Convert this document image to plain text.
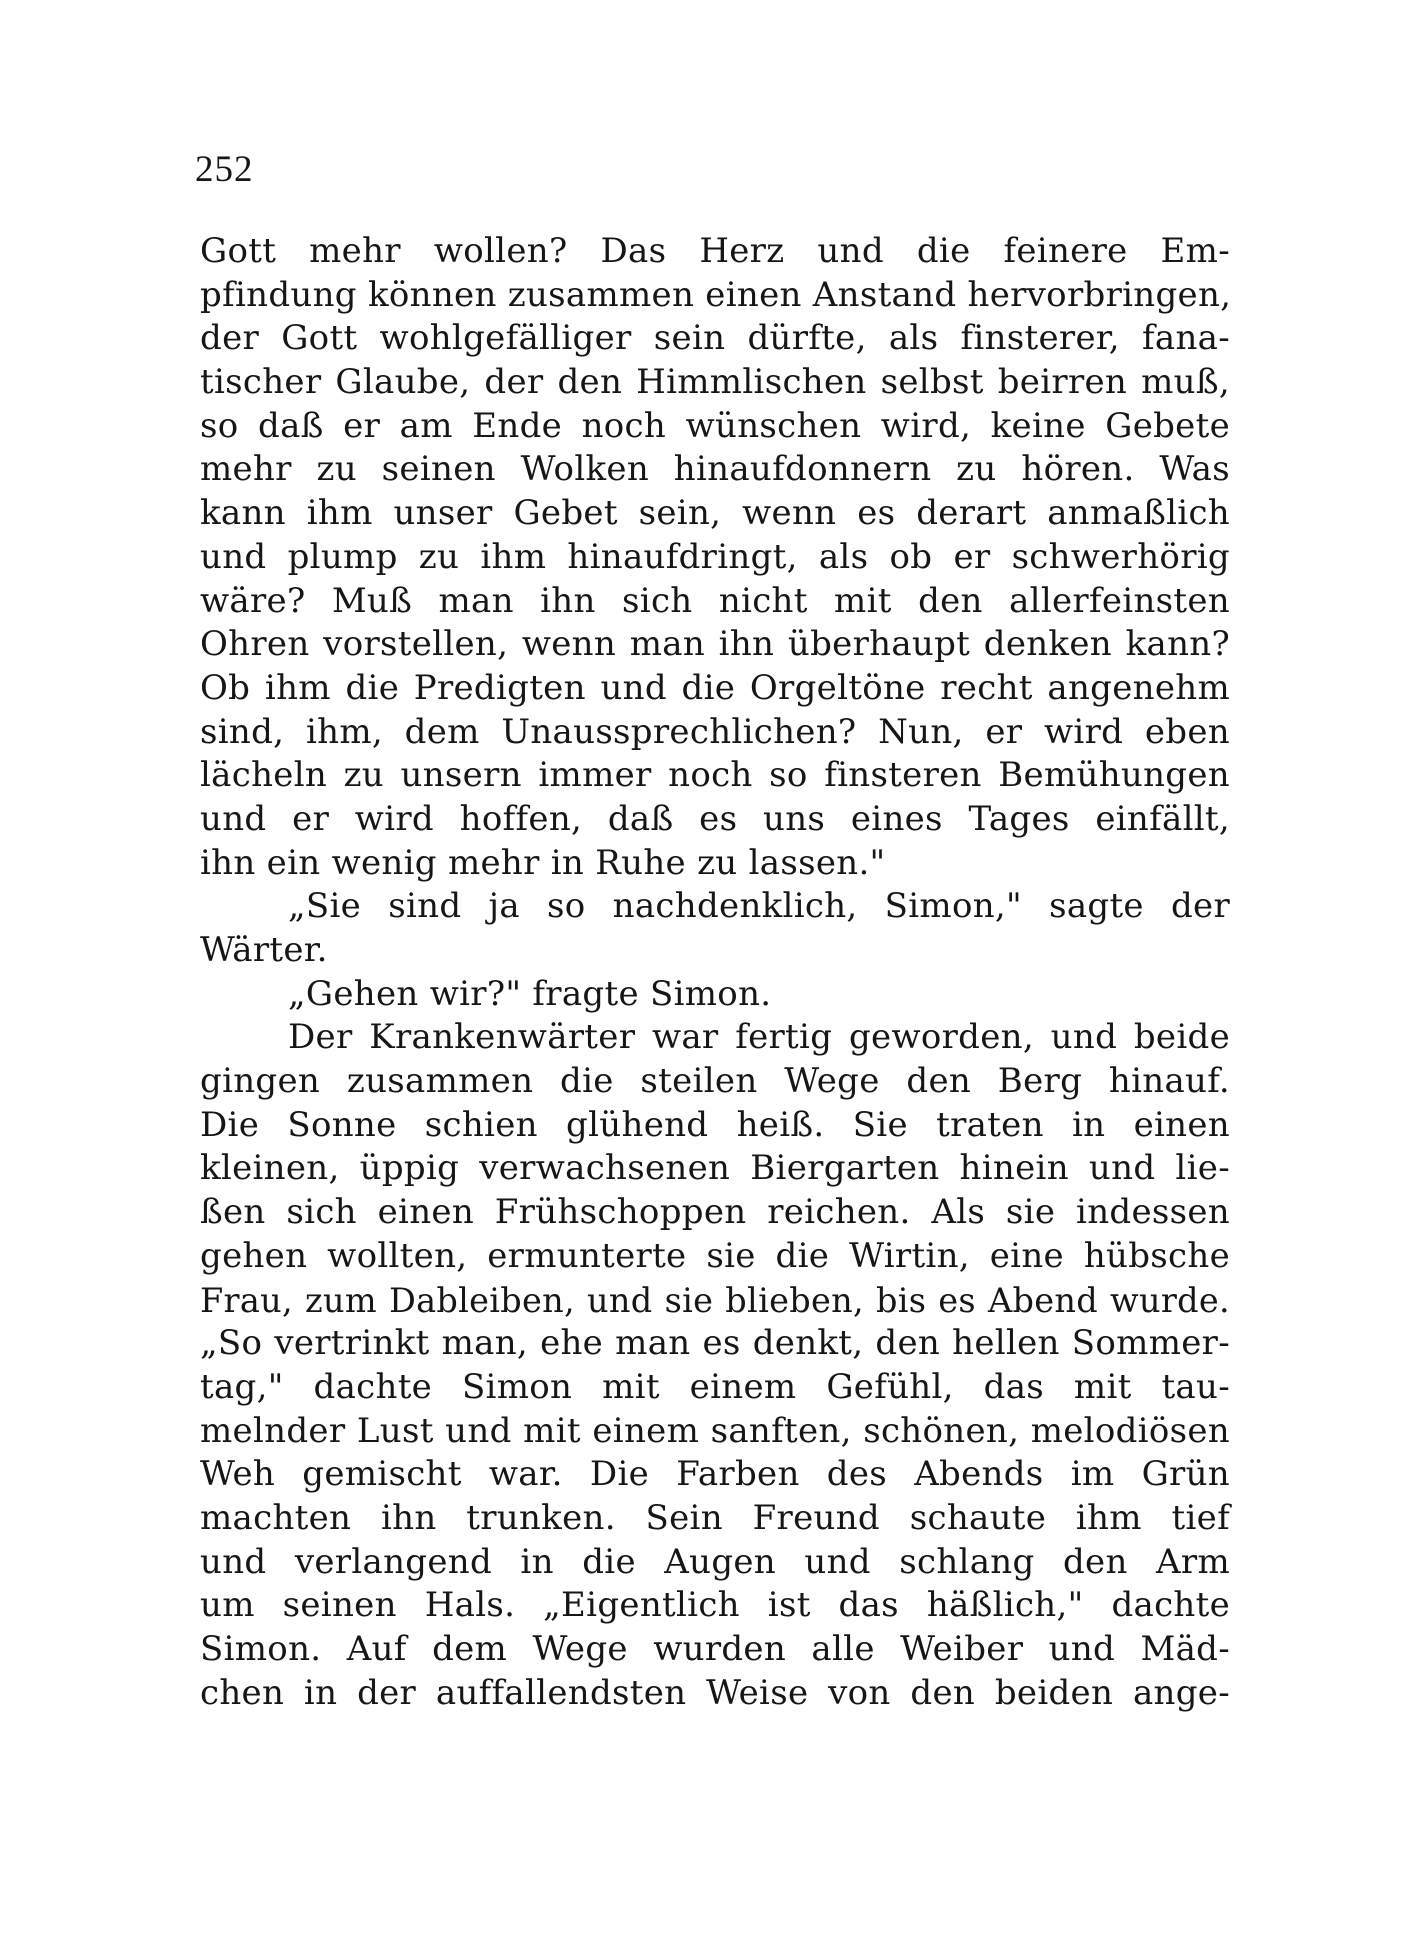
252
Gott mehr wollen? Das Herz und die feinere Em-
pfindung können zusammen einen Anstand hervorbringen,
der Gott wohlgefälliger sein dürfte, als finsterer, fana-
tischer Glaube, der den Himmlischen selbst beirren muß,
so daß er am Ende noch wünschen wird, keine Gebete
mehr zu seinen Wolken hinaufdonnern zu hören. Was
kann ihm unser Gebet sein, wenn es derart anmaßlich
und plump zu ihm hinaufdringt, als ob er schwerhörig
wäre? Muß man ihn sich nicht mit den allerfeinsten
Ohren vorstellen, wenn man ihn überhaupt denken kann?
Ob ihm die Predigten und die Orgeltöne recht angenehm
sind, ihm, dem Unaussprechlichen? Nun, er wird eben
lächeln zu unsern immer noch so finsteren Bemühungen
und er wird hoffen, daß es uns eines Tages einfällt,
ihn ein wenig mehr in Ruhe zu lassen."
„Sie sind ja so nachdenklich, Simon," sagte der
Wärter.
„Gehen wir?" fragte Simon.
Der Krankenwärter war fertig geworden, und beide
gingen zusammen die steilen Wege den Berg hinauf.
Die Sonne schien glühend heiß. Sie traten in einen
kleinen, üppig verwachsenen Biergarten hinein und lie-
ßen sich einen Frühschoppen reichen. Als sie indessen
gehen wollten, ermunterte sie die Wirtin, eine hübsche
Frau, zum Dableiben, und sie blieben, bis es Abend wurde.
„So vertrinkt man, ehe man es denkt, den hellen Sommer-
tag," dachte Simon mit einem Gefühl, das mit tau-
melnder Lust und mit einem sanften, schönen, melodiösen
Weh gemischt war. Die Farben des Abends im Grün
machten ihn trunken. Sein Freund schaute ihm tief
und verlangend in die Augen und schlang den Arm
um seinen Hals. „Eigentlich ist das häßlich," dachte
Simon. Auf dem Wege wurden alle Weiber und Mäd-
chen in der auffallendsten Weise von den beiden ange-
